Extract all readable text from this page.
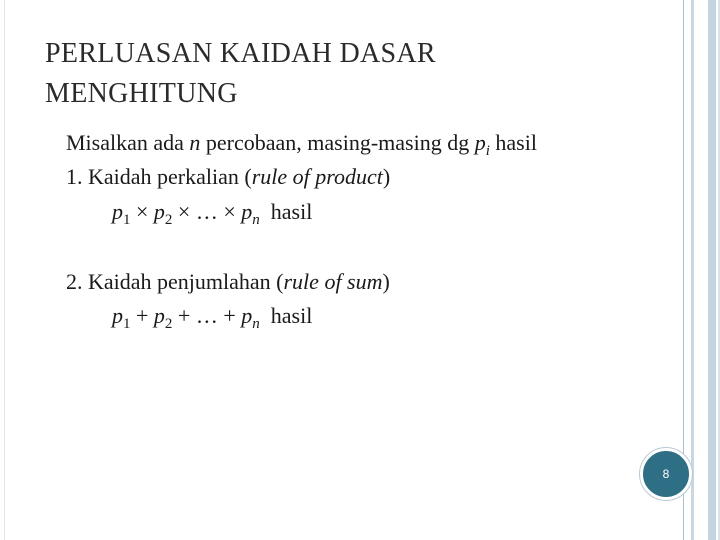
PERLUASAN KAIDAH DASAR
MENGHITUNG
Misalkan ada n percobaan, masing-masing dg $p_i$ hasil
1. Kaidah perkalian (rule of product)
$p_1 \times p_2$ × … × $p_n$  hasil
2. Kaidah penjumlahan (rule of sum)
$p_1 + p_2$ + … + $p_n$  hasil
8
